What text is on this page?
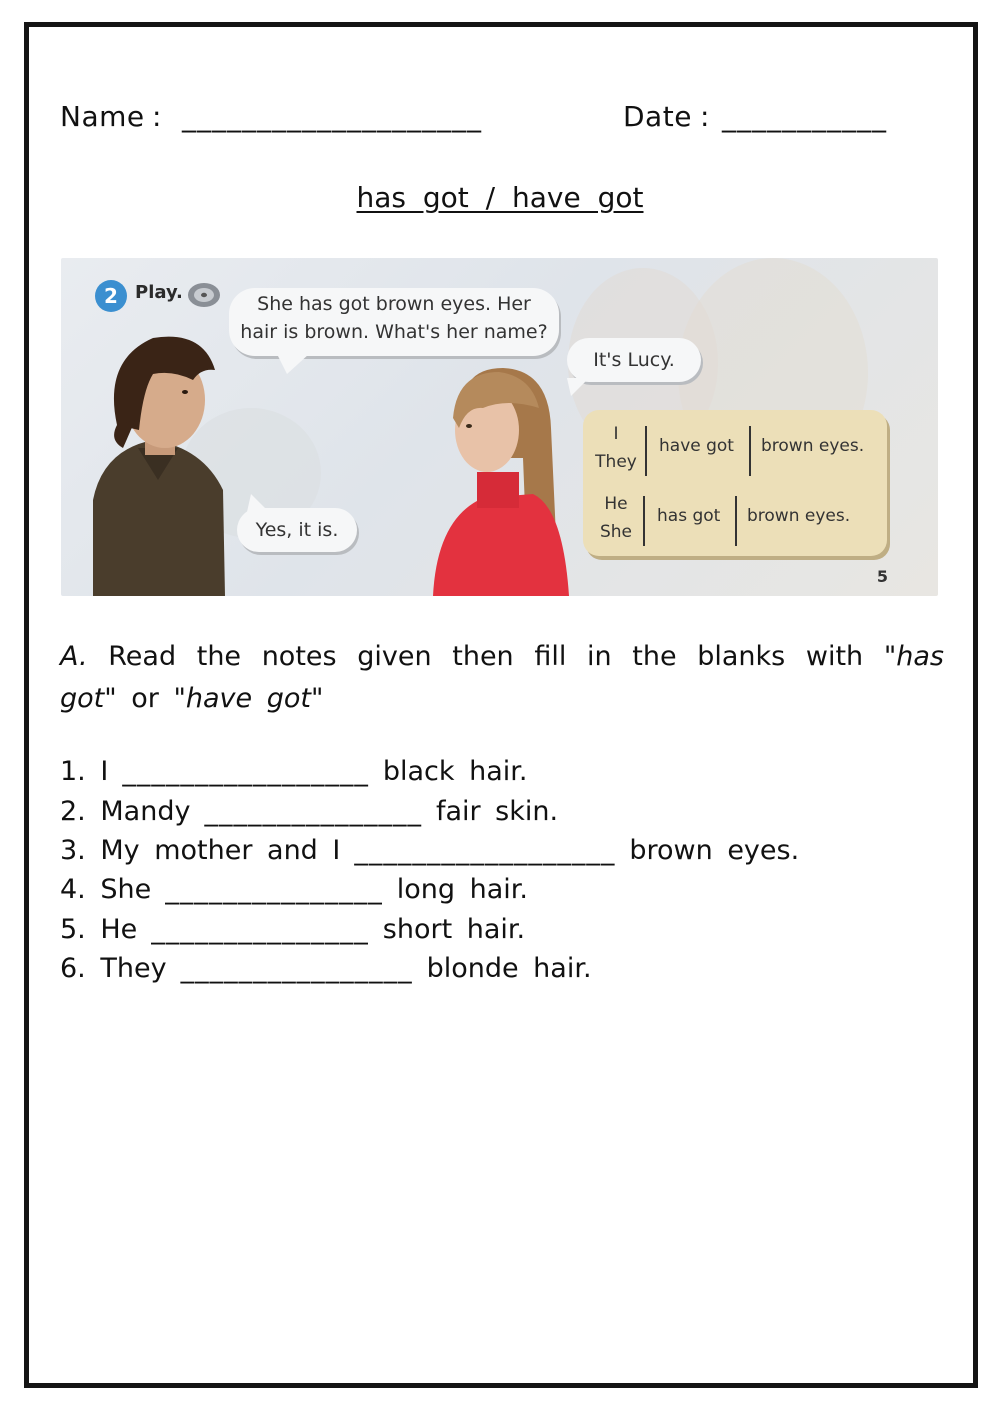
Name : ____________________	Date : ___________
has got / have got
2 Play.
She has got brown eyes. Her
hair is brown. What's her name?
It's Lucy.
Yes, it is.
I
They
have got brown eyes.
He
She
has got brown eyes.
5
A. Read the notes given then fill in the blanks with "has got" or "have got"
1. I _________________ black hair.
2. Mandy _______________ fair skin.
3. My mother and I __________________ brown eyes.
4. She _______________ long hair.
5. He _______________ short hair.
6. They ________________ blonde hair.
